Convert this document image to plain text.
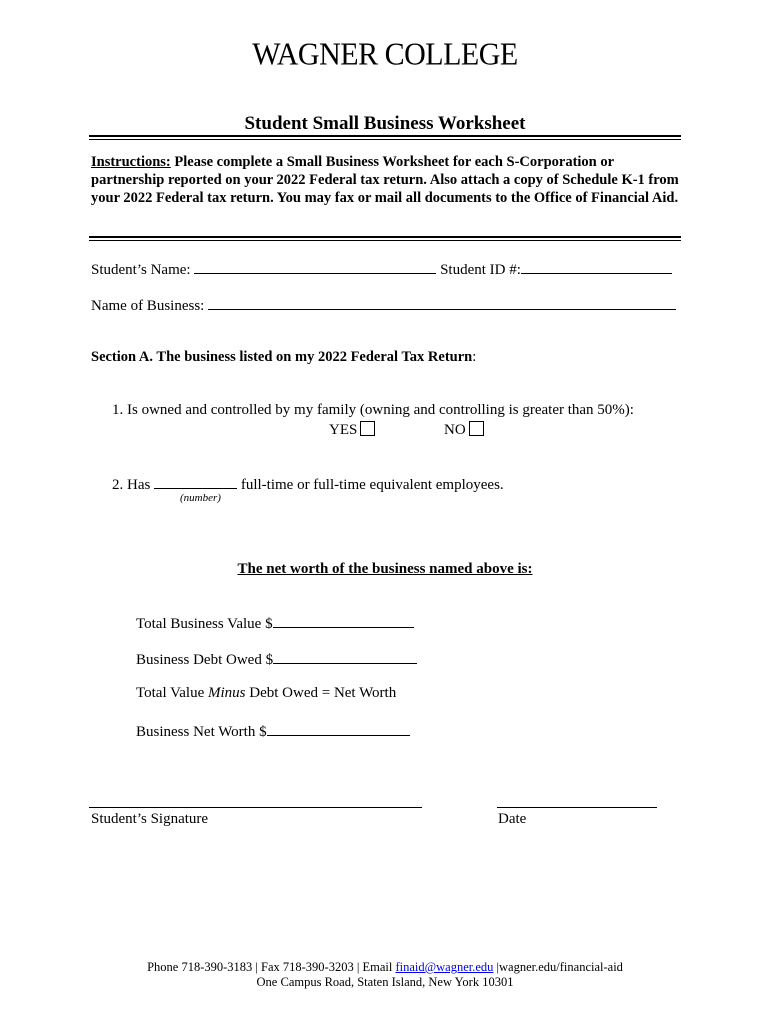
WAGNER COLLEGE
Student Small Business Worksheet
Instructions: Please complete a Small Business Worksheet for each S-Corporation or partnership reported on your 2022 Federal tax return. Also attach a copy of Schedule K-1 from your 2022 Federal tax return. You may fax or mail all documents to the Office of Financial Aid.
Student’s Name:	Student ID #:
Name of Business:
Section A. The business listed on my 2022 Federal Tax Return:
1. Is owned and controlled by my family (owning and controlling is greater than 50%):
YES	NO
2. Has	full-time or full-time equivalent employees.
(number)
The net worth of the business named above is:
Total Business Value $
Business Debt Owed $
Total Value Minus Debt Owed = Net Worth
Business Net Worth $
Student’s Signature	Date
Phone 718-390-3183 | Fax 718-390-3203 | Email finaid@wagner.edu |wagner.edu/financial-aid
One Campus Road, Staten Island, New York 10301
